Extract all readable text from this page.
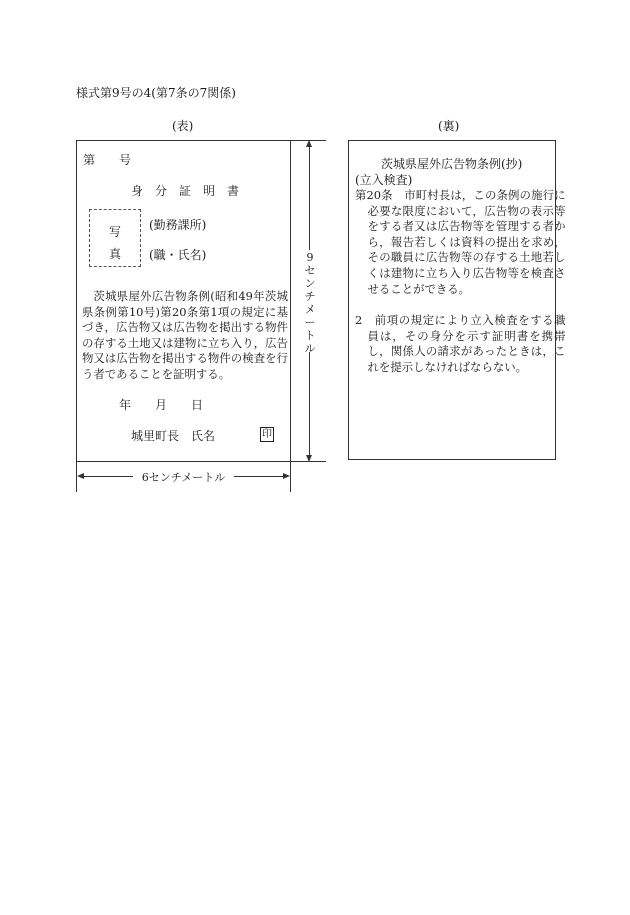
様式第9号の4(第7条の7関係)
(表)	(裏)
第　　号
身　分　証　明　書
写
真
(勤務課所)
(職・氏名)
茨城県屋外広告物条例(昭和49年茨城県条例第10号)第20条第1項の規定に基づき，広告物又は広告物を掲出する物件の存する土地又は建物に立ち入り，広告物又は広告物を掲出する物件の検査を行う者であることを証明する。
年　　月　　日
城里町長　氏名	印
茨城県屋外広告物条例(抄)
(立入検査)
第20条　市町村長は，この条例の施行に必要な限度において，広告物の表示等をする者又は広告物等を管理する者から，報告若しくは資料の提出を求め，その職員に広告物等の存する土地若しくは建物に立ち入り広告物等を検査させることができる。
2　前項の規定により立入検査をする職員は，その身分を示す証明書を携帯し，関係人の請求があったときは，これを提示しなければならない。
9
セ
ン
チ
メ
ー
ト
ル
6センチメートル
